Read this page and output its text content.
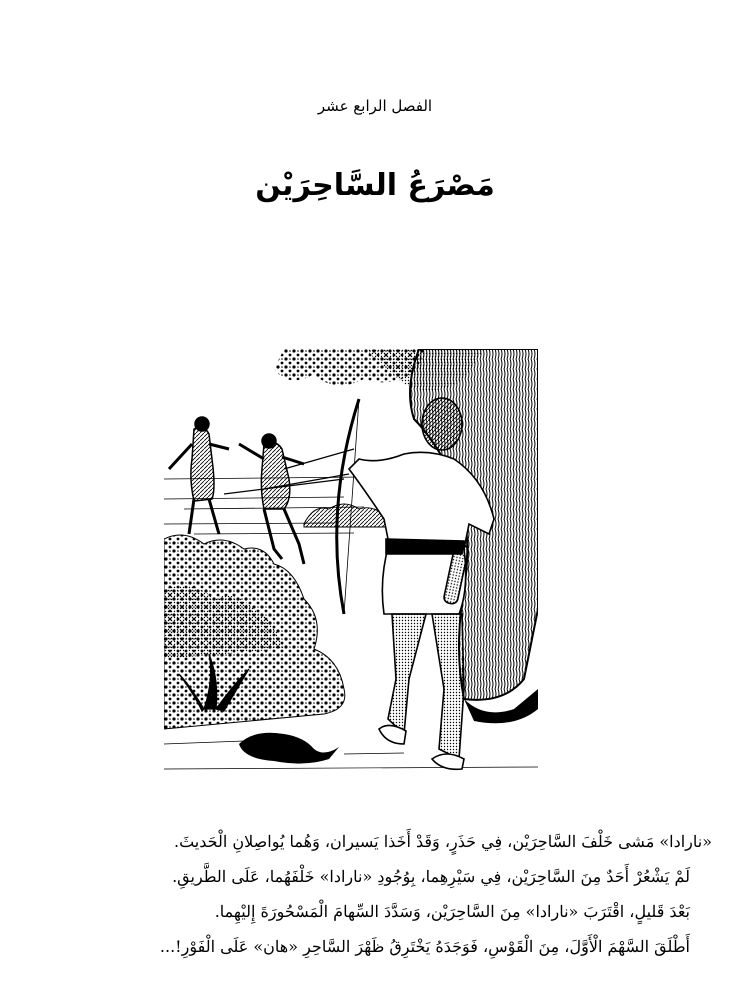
الفصل الرابع عشر
مَصْرَعُ السَّاحِرَيْن

«نارادا» مَشى خَلْفَ السَّاحِرَيْن، فِي حَذَرٍ، وَقَدْ أَخَذا يَسيران، وَهُما يُواصِلانِ الْحَديثَ.

لَمْ يَشْعُرْ أَحَدٌ مِنَ السَّاحِرَيْن، فِي سَيْرِهِما، بِوُجُودِ «نارادا» خَلْفَهُما، عَلَى الطَّريقِ.

بَعْدَ قَليلٍ، اقْتَرَبَ «نارادا» مِنَ السَّاحِرَيْن، وَسَدَّدَ السِّهامَ الْمَسْحُورَةَ إِليْهِما.

أَطْلَقَ السَّهْمَ الْأَوَّلَ، مِنَ الْقَوْسِ، فَوَجَدَهُ يَخْتَرِقُ ظَهْرَ السَّاحِرِ «هان» عَلَى الْفَوْرِ!...
